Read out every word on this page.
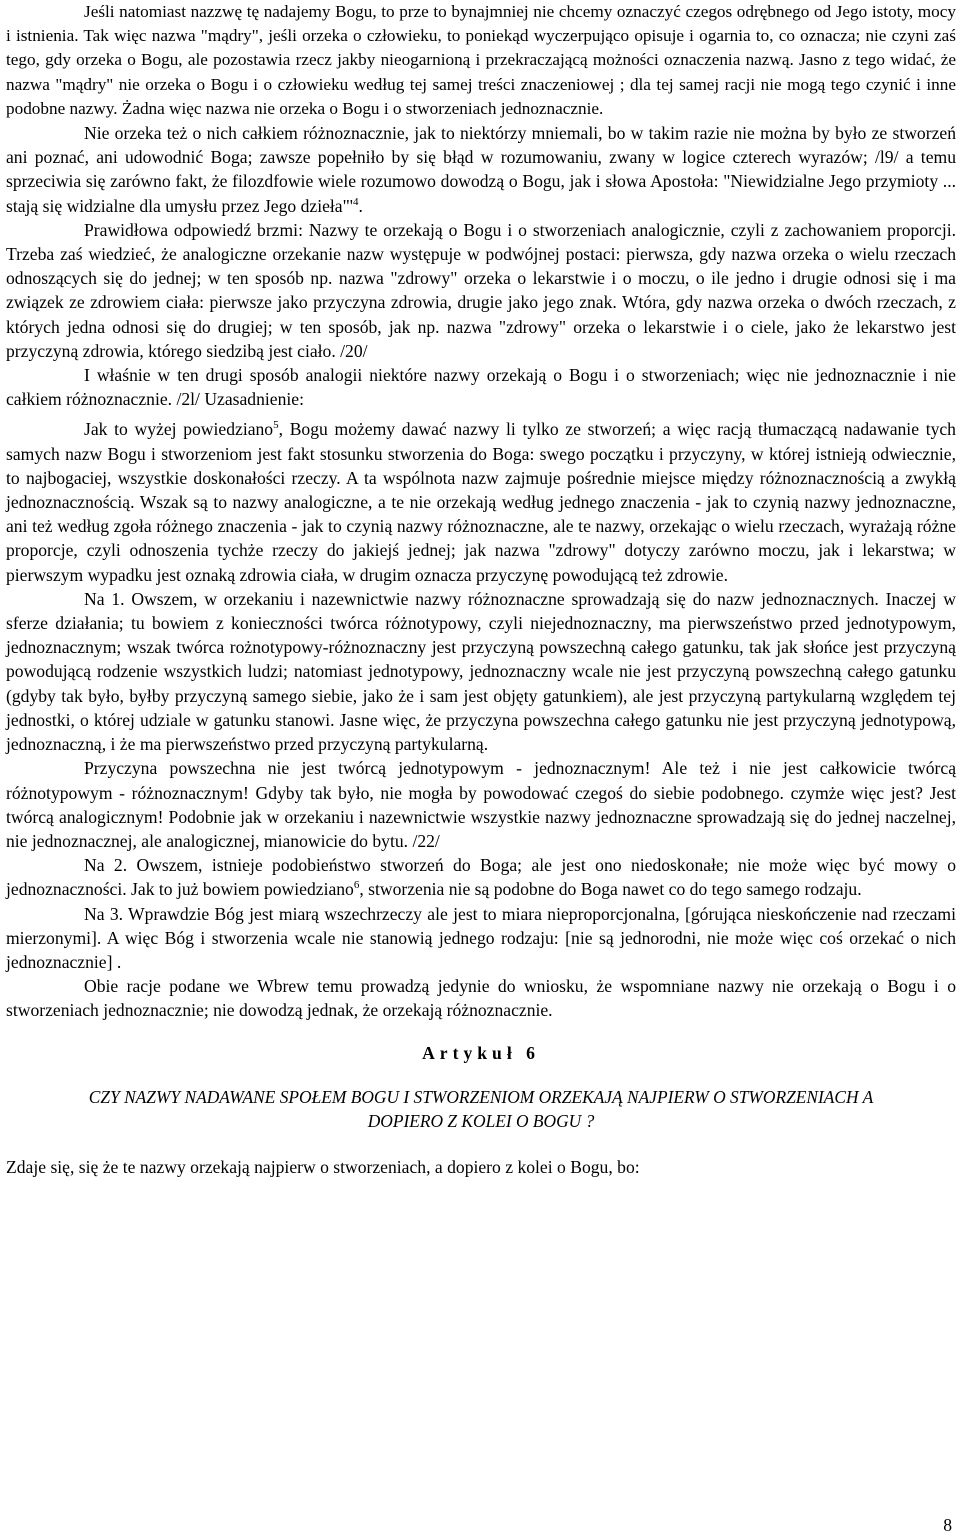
Jeśli natomiast nazzwę tę nadajemy Bogu, to prze to bynajmniej nie chcemy oznaczyć czegos odrębnego od Jego istoty, mocy i istnienia. Tak więc nazwa "mądry", jeśli orzeka o człowieku, to poniekąd wyczerpująco opisuje i ogarnia to, co oznacza; nie czyni zaś tego, gdy orzeka o Bogu, ale pozostawia rzecz jakby nieogarnioną i przekraczającą możności oznaczenia nazwą. Jasno z tego widać, że nazwa "mądry" nie orzeka o Bogu i o człowieku według tej samej treści znaczeniowej ; dla tej samej racji nie mogą tego czynić i inne podobne nazwy. Żadna więc nazwa nie orzeka o Bogu i o stworzeniach jednoznacznie.

Nie orzeka też o nich całkiem różnoznacznie, jak to niektórzy mniemali, bo w takim razie nie można by było ze stworzeń ani poznać, ani udowodnić Boga; zawsze popełniło by się błąd w rozumowaniu, zwany w logice czterech wyrazów; /l9/ a temu sprzeciwia się zarówno fakt, że filozdfowie wiele rozumowo dowodzą o Bogu, jak i słowa Apostoła: "Niewidzialne Jego przymioty ... stają się widzialne dla umysłu przez Jego $dzieła"'^4$.

Prawidłowa odpowiedź brzmi: Nazwy te orzekają o Bogu i o stworzeniach analogicznie, czyli z zachowaniem proporcji. Trzeba zaś wiedzieć, że analogiczne orzekanie nazw występuje w podwójnej postaci: pierwsza, gdy nazwa orzeka o wielu rzeczach odnoszących się do jednej; w ten sposób np. nazwa "zdrowy" orzeka o lekarstwie i o moczu, o ile jedno i drugie odnosi się i ma związek ze zdrowiem ciała: pierwsze jako przyczyna zdrowia, drugie jako jego znak. Wtóra, gdy nazwa orzeka o dwóch rzeczach, z których jedna odnosi się do drugiej; w ten sposób, jak np. nazwa "zdrowy" orzeka o lekarstwie i o ciele, jako że lekarstwo jest przyczyną zdrowia, którego siedzibą jest ciało. /20/

I właśnie w ten drugi sposób analogii niektóre nazwy orzekają o Bogu i o stworzeniach; więc nie jednoznacznie i nie całkiem różnoznacznie. /2l/ Uzasadnienie:

Jak to wyżej powiedziano$^5$, Bogu możemy dawać nazwy li tylko ze stworzeń; a więc racją tłumaczącą nadawanie tych samych nazw Bogu i stworzeniom jest fakt stosunku stworzenia do Boga: swego początku i przyczyny, w której istnieją odwiecznie, to najbogaciej, wszystkie doskonałości rzeczy. A ta wspólnota nazw zajmuje pośrednie miejsce między różnoznacznością a zwykłą jednoznacznością. Wszak są to nazwy analogiczne, a te nie orzekają według jednego znaczenia - jak to czynią nazwy jednoznaczne, ani też według zgoła różnego znaczenia - jak to czynią nazwy różnoznaczne, ale te nazwy, orzekając o wielu rzeczach, wyrażają różne proporcje, czyli odnoszenia tychże rzeczy do jakiejś jednej; jak nazwa "zdrowy" dotyczy zarówno moczu, jak i lekarstwa; w pierwszym wypadku jest oznaką zdrowia ciała, w drugim oznacza przyczynę powodującą też zdrowie.

Na 1. Owszem, w orzekaniu i nazewnictwie nazwy różnoznaczne sprowadzają się do nazw jednoznacznych. Inaczej w sferze działania; tu bowiem z konieczności twórca różnotypowy, czyli niejednoznaczny, ma pierwszeństwo przed jednotypowym, jednoznacznym; wszak twórca rożnotypowy-różnoznaczny jest przyczyną powszechną całego gatunku, tak jak słońce jest przyczyną powodującą rodzenie wszystkich ludzi; natomiast jednotypowy, jednoznaczny wcale nie jest przyczyną powszechną całego gatunku (gdyby tak było, byłby przyczyną samego siebie, jako że i sam jest objęty gatunkiem), ale jest przyczyną partykularną względem tej jednostki, o której udziale w gatunku stanowi. Jasne więc, że przyczyna powszechna całego gatunku nie jest przyczyną jednotypową, jednoznaczną, i że ma pierwszeństwo przed przyczyną partykularną.

Przyczyna powszechna nie jest twórcą jednotypowym - jednoznacznym! Ale też i nie jest całkowicie twórcą różnotypowym - różnoznacznym! Gdyby tak było, nie mogła by powodować czegoś do siebie podobnego. czymże więc jest? Jest twórcą analogicznym! Podobnie jak w orzekaniu i nazewnictwie wszystkie nazwy jednoznaczne sprowadzają się do jednej naczelnej, nie jednoznacznej, ale analogicznej, mianowicie do bytu. /22/

Na 2. Owszem, istnieje podobieństwo stworzeń do Boga; ale jest ono niedoskonałe; nie może więc być mowy o jednoznaczności. Jak to już bowiem powiedziano$^6$, stworzenia nie są podobne do Boga nawet co do tego samego rodzaju.

Na 3. Wprawdzie Bóg jest miarą wszechrzeczy ale jest to miara nieproporcjonalna, [górująca nieskończenie nad rzeczami mierzonymi]. A więc Bóg i stworzenia wcale nie stanowią jednego rodzaju: [nie są jednorodni, nie może więc coś orzekać o nich jednoznacznie] .

Obie racje podane we Wbrew temu prowadzą jedynie do wniosku, że wspomniane nazwy nie orzekają o Bogu i o stworzeniach jednoznacznie; nie dowodzą jednak, że orzekają różnoznacznie.

Artykuł 6

CZY NAZWY NADAWANE SPOŁEM BOGU I STWORZENIOM ORZEKAJĄ NAJPIERW O STWORZENIACH A DOPIERO Z KOLEI O BOGU ?

Zdaje się, się że te nazwy orzekają najpierw o stworzeniach, a dopiero z kolei o Bogu, bo:

8
